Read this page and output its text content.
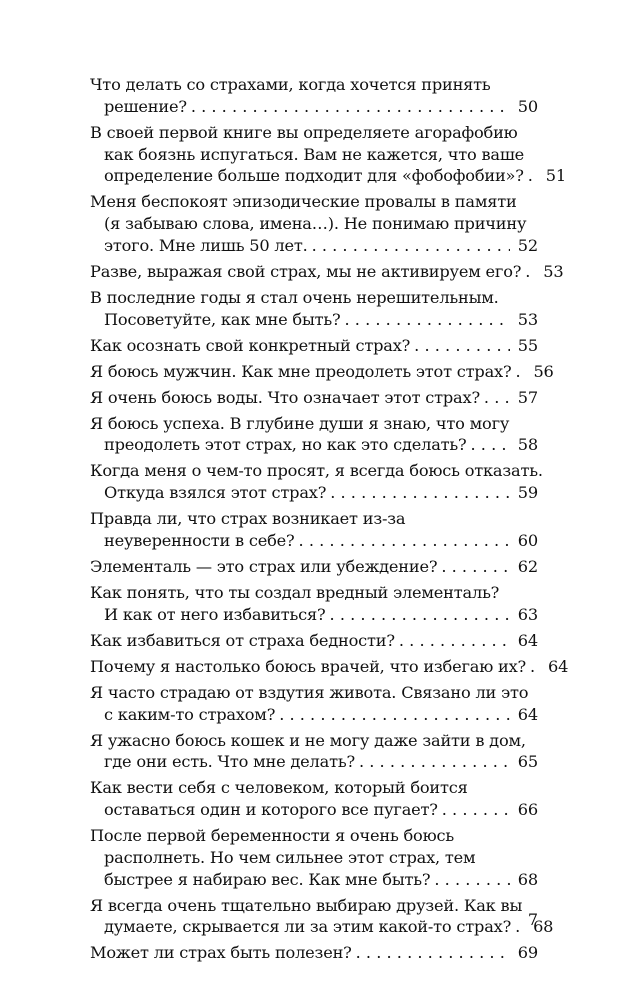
Что делать со страхами, когда хочется принять
решение? . . .	50
В своей первой книге вы определяете агорафобию
как боязнь испугаться. Вам не кажется, что ваше
определение больше подходит для «фобофобии»? . . . 51
Меня беспокоят эпизодические провалы в памяти
(я забываю слова, имена…). Не понимаю причину
этого. Мне лишь 50 лет. . . .	52
Разве, выражая свой страх, мы не активируем его? . . . 53
В последние годы я стал очень нерешительным.
Посоветуйте, как мне быть? . . .	53
Как осознать свой конкретный страх? . . .	55
Я боюсь мужчин. Как мне преодолеть этот страх? . . . 56
Я очень боюсь воды. Что означает этот страх? . . . 57
Я боюсь успеха. В глубине души я знаю, что могу
преодолеть этот страх, но как это сделать? . . .	58
Когда меня о чем-то просят, я всегда боюсь отказать.
Откуда взялся этот страх? . . .	59
Правда ли, что страх возникает из-за
неуверенности в себе? . . .	60
Элементаль — это страх или убеждение? . . .	62
Как понять, что ты создал вредный элементаль?
И как от него избавиться? . . .	63
Как избавиться от страха бедности? . . .	64
Почему я настолько боюсь врачей, что избегаю их? . . . 64
Я часто страдаю от вздутия живота. Связано ли это
с каким-то страхом? . . .	64
Я ужасно боюсь кошек и не могу даже зайти в дом,
где они есть. Что мне делать? . . .	65
Как вести себя с человеком, который боится
оставаться один и которого все пугает? . . .	66
После первой беременности я очень боюсь
располнеть. Но чем сильнее этот страх, тем
быстрее я набираю вес. Как мне быть? . . .	68
Я всегда очень тщательно выбираю друзей. Как вы
думаете, скрывается ли за этим какой-то страх? . . . 68
Может ли страх быть полезен? . . .	69
7
